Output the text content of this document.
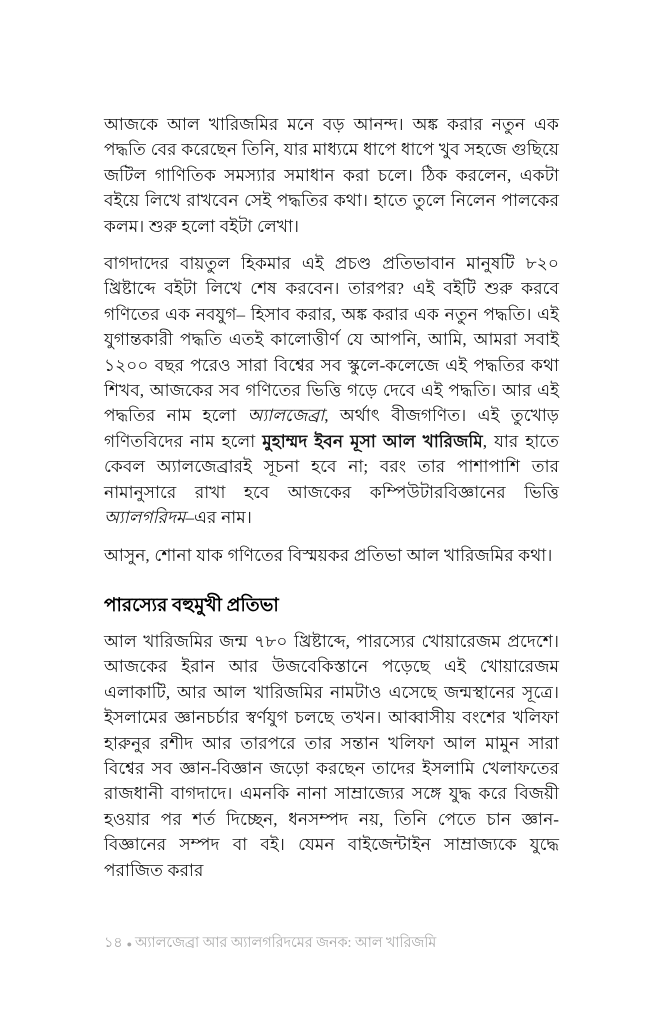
আজকে আল খারিজমির মনে বড় আনন্দ। অঙ্ক করার নতুন এক পদ্ধতি বের করেছেন তিনি, যার মাধ্যমে ধাপে ধাপে খুব সহজে গুছিয়ে জটিল গাণিতিক সমস্যার সমাধান করা চলে। ঠিক করলেন, একটা বইয়ে লিখে রাখবেন সেই পদ্ধতির কথা। হাতে তুলে নিলেন পালকের কলম। শুরু হলো বইটা লেখা।

বাগদাদের বায়তুল হিকমার এই প্রচণ্ড প্রতিভাবান মানুষটি ৮২০ খ্রিষ্টাব্দে বইটা লিখে শেষ করবেন। তারপর? এই বইটি শুরু করবে গণিতের এক নবযুগ– হিসাব করার, অঙ্ক করার এক নতুন পদ্ধতি। এই যুগান্তকারী পদ্ধতি এতই কালোত্তীর্ণ যে আপনি, আমি, আমরা সবাই ১২০০ বছর পরেও সারা বিশ্বের সব স্কুলে-কলেজে এই পদ্ধতির কথা শিখব, আজকের সব গণিতের ভিত্তি গড়ে দেবে এই পদ্ধতি। আর এই পদ্ধতির নাম হলো অ্যালজেব্রা, অর্থাৎ বীজগণিত। এই তুখোড় গণিতবিদের নাম হলো মুহাম্মদ ইবন মূসা আল খারিজমি, যার হাতে কেবল অ্যালজেব্রারই সূচনা হবে না; বরং তার পাশাপাশি তার নামানুসারে রাখা হবে আজকের কম্পিউটারবিজ্ঞানের ভিত্তি অ্যালগরিদম–এর নাম।

আসুন, শোনা যাক গণিতের বিস্ময়কর প্রতিভা আল খারিজমির কথা।

পারস্যের বহুমুখী প্রতিভা

আল খারিজমির জন্ম ৭৮০ খ্রিষ্টাব্দে, পারস্যের খোয়ারেজম প্রদেশে। আজকের ইরান আর উজবেকিস্তানে পড়েছে এই খোয়ারেজম এলাকাটি, আর আল খারিজমির নামটাও এসেছে জন্মস্থানের সূত্রে। ইসলামের জ্ঞানচর্চার স্বর্ণযুগ চলছে তখন। আব্বাসীয় বংশের খলিফা হারুনুর রশীদ আর তারপরে তার সন্তান খলিফা আল মামুন সারা বিশ্বের সব জ্ঞান-বিজ্ঞান জড়ো করছেন তাদের ইসলামি খেলাফতের রাজধানী বাগদাদে। এমনকি নানা সাম্রাজ্যের সঙ্গে যুদ্ধ করে বিজয়ী হওয়ার পর শর্ত দিচ্ছেন, ধনসম্পদ নয়, তিনি পেতে চান জ্ঞান-বিজ্ঞানের সম্পদ বা বই। যেমন বাইজেন্টাইন সাম্রাজ্যকে যুদ্ধে পরাজিত করার

১৪ ● অ্যালজেব্রা আর অ্যালগরিদমের জনক: আল খারিজমি
